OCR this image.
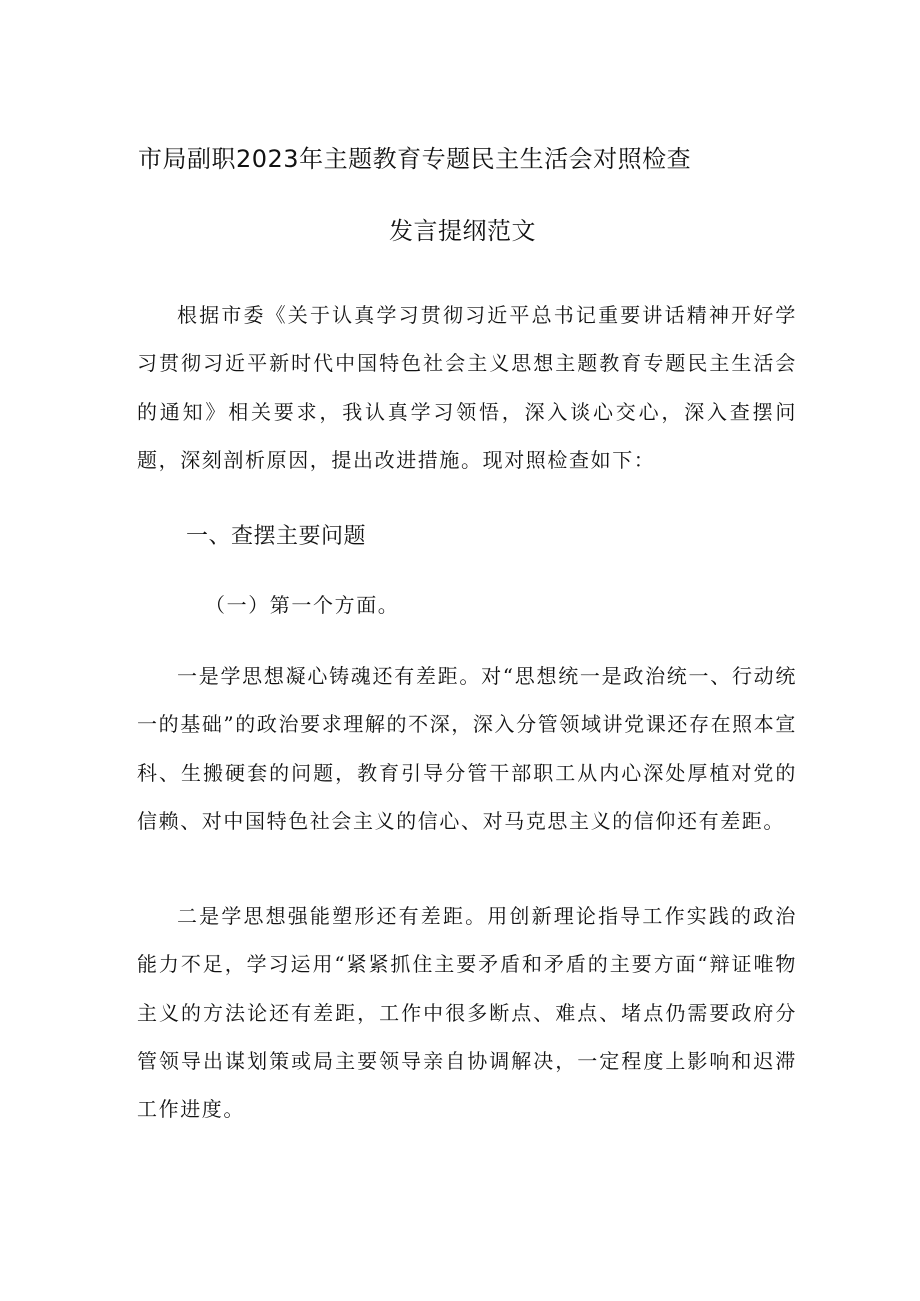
市局副职2023年主题教育专题民主生活会对照检查
发言提纲范文

根据市委《关于认真学习贯彻习近平总书记重要讲话精神开好学习贯彻习近平新时代中国特色社会主义思想主题教育专题民主生活会的通知》相关要求，我认真学习领悟，深入谈心交心，深入查摆问题，深刻剖析原因，提出改进措施。现对照检查如下：

一、查摆主要问题
（一）第一个方面。

一是学思想凝心铸魂还有差距。对“思想统一是政治统一、行动统一的基础”的政治要求理解的不深，深入分管领域讲党课还存在照本宣科、生搬硬套的问题，教育引导分管干部职工从内心深处厚植对党的信赖、对中国特色社会主义的信心、对马克思主义的信仰还有差距。

二是学思想强能塑形还有差距。用创新理论指导工作实践的政治能力不足，学习运用“紧紧抓住主要矛盾和矛盾的主要方面“辩证唯物主义的方法论还有差距，工作中很多断点、难点、堵点仍需要政府分管领导出谋划策或局主要领导亲自协调解决，一定程度上影响和迟滞工作进度。
